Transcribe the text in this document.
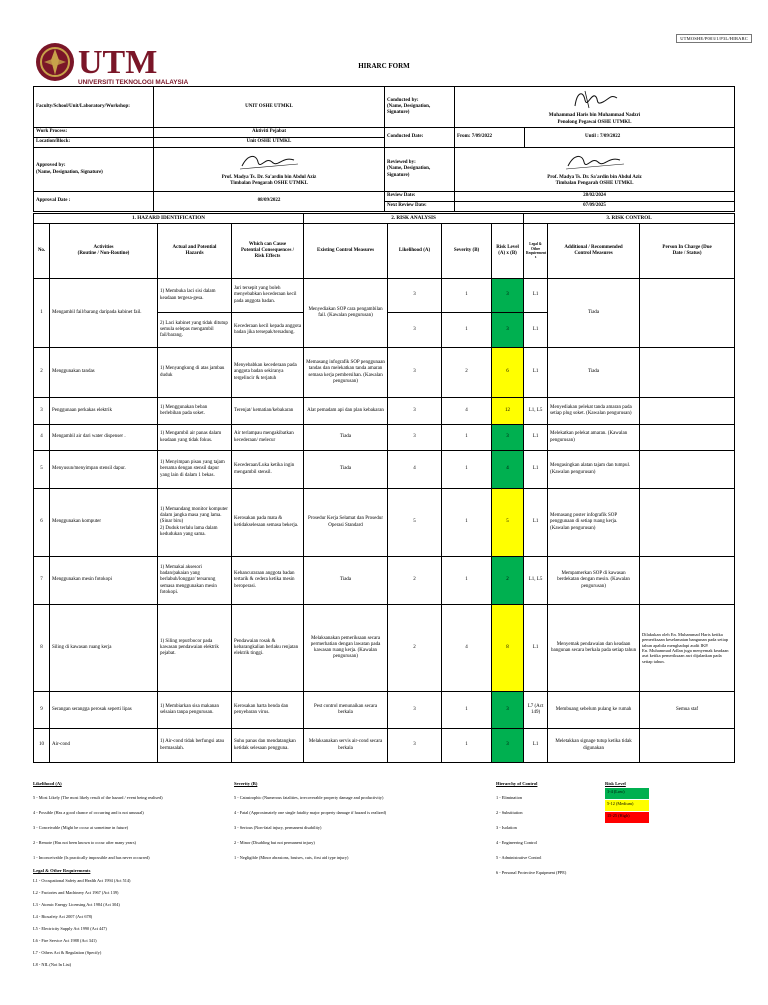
UTMOSHE/P003/1/P3L/HIRARC
UTM
UNIVERSITI TEKNOLOGI MALAYSIA
HIRARC FORM
Faculty/School/Unit/Laboratory/Workshop:	UNIT OSHE UTMKL	Conducted by:
(Name, Designation, Signature)	Muhammad Haris bin Muhammad Nadzri
Penolong Pegawai OSHE UTMKL	
Work Process:	Aktiviti Pejabat	Conducted Date:	From: 7/09/2022	Until : 7/09/2022
Location/Block:	Unit OSHE UTMKL			
Approved by:
(Name, Designation, Signature)	Prof. Madya Ts. Dr. Sa'ardin bin Abdul Aziz
Timbalan Pengarah OSHE UTMKL	Reviewed by:
(Name, Designation, Signature)	Prof. Madya Ts. Dr. Sa'ardin bin Abdul Aziz
Timbalan Pengarah OSHE UTMKL	
Approval Date :	08/09/2022	Review Date:	28/02/2024	
		Next Review Date:	07/09/2025	
1. HAZARD IDENTIFICATION				2. RISK ANALYSIS				3. RISK CONTROL		
No.	Activities
(Routine / Non-Routine)	Actual and Potential
Hazards	Which can Cause
Potential Consequences /
Risk Effects	Existing Control Measures	Likelihood (A)	Severity (B)	Risk Level
(A) x (B)	Legal &
Other
Requirement
s	Additional / Recommended
Control Measures	Person In Charge (Due
Date / Status)
1	Mengambil fail/barang daripada kabinet fail.	1) Membuka laci sisi dalam keadaan tergesa-gesa.	Jari tersepit yang boleh menyebabkan kecederaan kecil pada anggota badan.	Menyediakan SOP cara pengambilan fail. (Kawalan pengurusan)	3	1	3	L1	Tiada	
		2) Laci kabinet yang tidak ditutup semula selepas mengambil fail/barang.	Kecederaan kecil kepada anggota badan jika tersepak/tersadung.		3	1	3	L1		
2	Menggunakan tandas	1) Menyangkung di atas jambau duduk	Menyebabkan kecederaan pada anggota badan sekiranya tergelincir & terjatuh	Memasang infografik SOP penggunaan tandas dan melekatkan tanda amaran semasa kerja pembersihan. (Kawalan pengurusan)	3	2	6	L1	Tiada	
3	Penggunaan perkakas elektrik	1) Menggunakan beban berlebihan pada soket.	Terenjat/ kematian/kebakaran	Alat pemadam api dan plan kebakaran	3	4	12	L1, L5	Menyediakan pelekat tanda amaran pada setiap plug soket. (Kawalan pengurusan)	
4	Mengambil air dari water dispenser .	1) Mengambil air panas dalam keadaan yang tidak fokus.	Air terlampau mengakibatkan kecederaan/ melecur	Tiada	3	1	3	L1	Melekatkan pelekat amaran. (Kawalan pengurusan)	
5	Menyusun/menyimpan stensil dapur.	1) Menyimpan pisau yang tajam bersama dengan stensil dapur yang lain di dalam 1 bekas.	Kecederaan/Luka ketika ingin mengambil stensil.	Tiada	4	1	4	L1	Mengasingkan alatan tajam dan tumpul. (Kawalan pengurusan)	
6	Menggunakan komputer	1) Memandang monitor komputer dalam jangka masa yang lama. (Sinar biru)
2) Duduk terlalu lama dalam kedudukan yang sama.	Kerosakan pada mata & ketidakselesaan semasa bekerja.	Prosedur Kerja Selamat dan Prosedur Operasi Standard	5	1	5	L1	Memasang poster infografik SOP penggunaan di setiap ruang kerja. (Kawalan pengurusan)	
7	Menggunakan mesin fotokopi	1) Memakai aksesori badan/pakaian yang berlabuh/longgar/ tersarung semasa menggunakan mesin fotokopi.	Kehancuraraan anggota badan tertarik & cedera ketika mesin beroperasi.	Tiada	2	1	2	L1, L5	Mempamerkan SOP di kawasan berdekatan dengan mesin. (Kawalan pengurusan)	
8	Siling di kawasan ruang kerja	1) Siling reput/bocor pada kawasan pendawaian elektrik pejabat.	Pendawaian rosak & kebarangkalian berlaku renjatan elektrik tinggi.	Melaksanakan pemeriksaan secara permerhatian dengan lawatan pada kawasan ruang kerja. (Kawalan pengurusan)	2	4	8	L1	Menyemak pendawaian dan keadaan bangunan secara berkala pada setiap tahun	Dilakukan oleh En. Muhammad Haris ketika pemeriksaan keselamatan bangunan pada setiap tahun apabila menghadapi audit IKP.
En. Muhammad Adlan juga menyemak keadaan asrt ketika pemeriksaan asrt dijalankan pada setiap tahun.
9	Serangan serangga perosak seperti lipas	1) Membiarkan sisa makanan selsaian tanpa pengurusan.	Kerosakan harta benda dan penyebaran virus.	Pest control menunaikan secara berkala	3	1	3	L7 (Act 149)	Membuang sebelum pulang ke rumah	Semua staf
10	Air-cond	1) Air-cond tidak berfungsi atau bermasalah.	Suhu panas dan mendatangkan ketidak selesaan pengguna.	Melaksanakan servis air-cond secara berkala	3	1	3	L1	Meletakkan signage tutup ketika tidak digunakan	
Likelihood (A)
5 - Most Likely (The most likely result of the hazard / event being realised)
4 - Possible (Has a good chance of occurring and is not unusual)
3 - Conceivable (Might be occur at sometime in future)
2 - Remote (Has not been known to occur after many years)
1 - Inconceivable (Is practically impossible and has never occurred)
Severity (B)
5 - Catastrophic (Numerous fatalities, irrecoverable property damage and productivity)
4 - Fatal (Approximately one single fatality major property damage if hazard is realized)
3 - Serious (Non-fatal injury, permanent disability)
2 - Minor (Disabling but not permanent injury)
1 - Negligible (Minor abrasions, bruises, cuts, first aid type injury)
Hierarchy of Control
1 - Elimination
2 - Substitution
3 - Isolation
4 - Engineering Control
5 - Administrative Control
6 - Personal Protective Equipment (PPE)
Risk Level
1-4 (Low)
5-12 (Medium)
15-25 (High)
Legal & Other Requirements
L1 - Occupational Safety and Health Act 1994 (Act 514)
L2 - Factories and Machinery Act 1967 (Act 139)
L3 - Atomic Energy Licensing Act 1984 (Act 304)
L4 - Biosafety Act 2007 (Act 678)
L5 - Electricity Supply Act 1990 (Act 447)
L6 - Fire Service Act 1988 (Act 341)
L7 - Others Act & Regulation (Specify)
L8 - NIL (Not In List)
